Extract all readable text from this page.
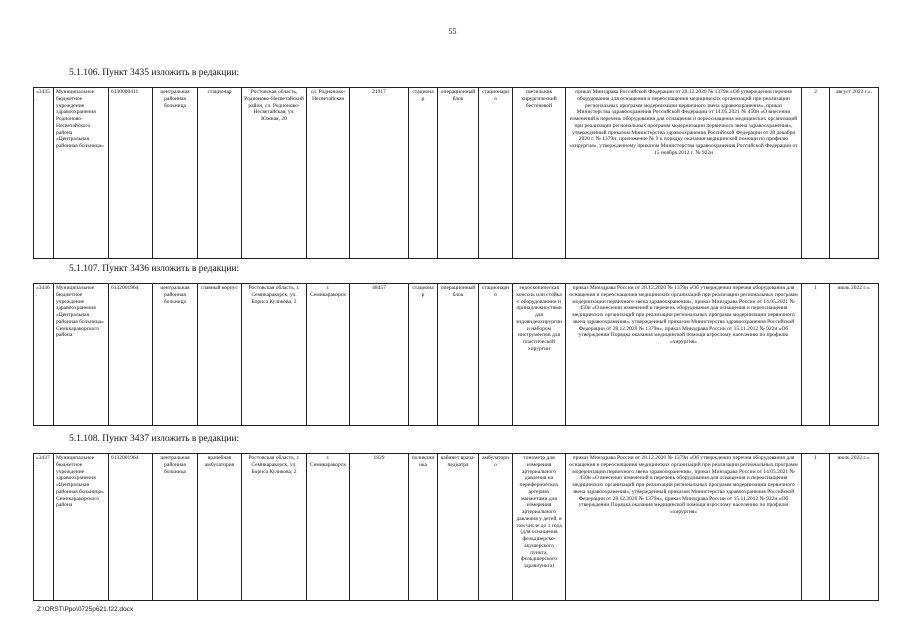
55
5.1.106. Пункт 3435 изложить в редакции:
«3435.	Муниципальное бюджетное учреждение здравоохранения Родионово-Несветайского района «Центральная районная больница»	6130000411	центральная районная больница	стационар	Ростовская область, Родионово-Несветайский район, сл. Родионово-Несветайская, ул. Южная, 20	сл. Родионово-Несветайская	21917	стационар	операционный блок	стационарно	светильник хирургический бестеневой	приказ Минздрава Российской Федерации от 28.12.2020 № 1379н «Об утверждении перечня оборудования для оснащения и переоснащения медицинских организаций при реализации региональных программ модернизации первичного звена здравоохранения», приказ Министерства здравоохранения Российской Федерации от 14.05.2021 № 450н «О внесении изменений в перечень оборудования для оснащения и переоснащения медицинских организаций при реализации региональных программ модернизации первичного звена здравоохранения», утвержденный приказом Министерства здравоохранения Российской Федерации от 28 декабря 2020 г. № 1379н; приложение № 9 к порядку оказания медицинской помощи по профилю «хирургия», утвержденному приказом Министерства здравоохранения Российской Федерации от 15 ноября 2012 г. № 922н	2	август 2022 г.».
5.1.107. Пункт 3436 изложить в редакции:
«3436.	Муниципальное бюджетное учреждение здравоохранения «Центральная районная больница» Семикаракорского района	6132001964	центральная районная больница	главный корпус	Ростовская область, г. Семикаракорск, ул. Бориса Куликова, 2	г. Семикаракорск	48457	стационар	операционный блок	стационарно	эндоскопическая консоль или стойка с оборудованием и принадлежностями для эндовидеохирургии и набором инструментов для пластической хирургии	приказ Минздрава России от 28.12.2020 № 1379н «Об утверждении перечня оборудования для оснащения и переоснащения медицинских организаций при реализации региональных программ модернизации первичного звена здравоохранения», приказ Минздрава России от 14.05.2021 № 450н «О внесении изменений в перечень оборудования для оснащения и переоснащения медицинских организаций при реализации региональных программ модернизации первичного звена здравоохранения», утвержденный приказом Министерства здравоохранения Российской Федерации от 28.12.2020 № 1379н», приказ Минздрава России от 15.11.2012 № 922н «Об утверждении Порядка оказания медицинской помощи взрослому населению по профилю «хирургия»	1	июль 2022 г.».
5.1.108. Пункт 3437 изложить в редакции:
«3437.	Муниципальное бюджетное учреждение здравоохранения «Центральная районная больница» Семикаракорского района	6132001964	центральная районная больница	врачебная амбулатория	Ростовская область, г. Семикаракорск, ул. Бориса Куликова, 2	г. Семикаракорск	1829	поликлиника	кабинет врача-педиатра	амбулаторно	тонометр для измерения артериального давления на периферических артериях манжетами для измерения артериального давления у детей, в том числе до 1 года (для оснащения фельдшерско-акушерского пункта, фельдшерского здравпункта)	приказ Минздрава России от 28.12.2020 № 1379н «Об утверждении перечня оборудования для оснащения и переоснащения медицинских организаций при реализации региональных программ модернизации первичного звена здравоохранения», приказ Минздрава России от 14.05.2021 № 450н «О внесении изменений в перечень оборудования для оснащения и переоснащения медицинских организаций при реализации региональных программ модернизации первичного звена здравоохранения», утвержденный приказом Министерства здравоохранения Российской Федерации от 28.12.2020 № 1379н», приказ Минздрава России от 15.11.2012 № 922н «Об утверждении Порядка оказания медицинской помощи взрослому населению по профилю «хирургия»	1	июль 2022 г.».
Z:\ORST\Ppo\0725p621.f22.docx
